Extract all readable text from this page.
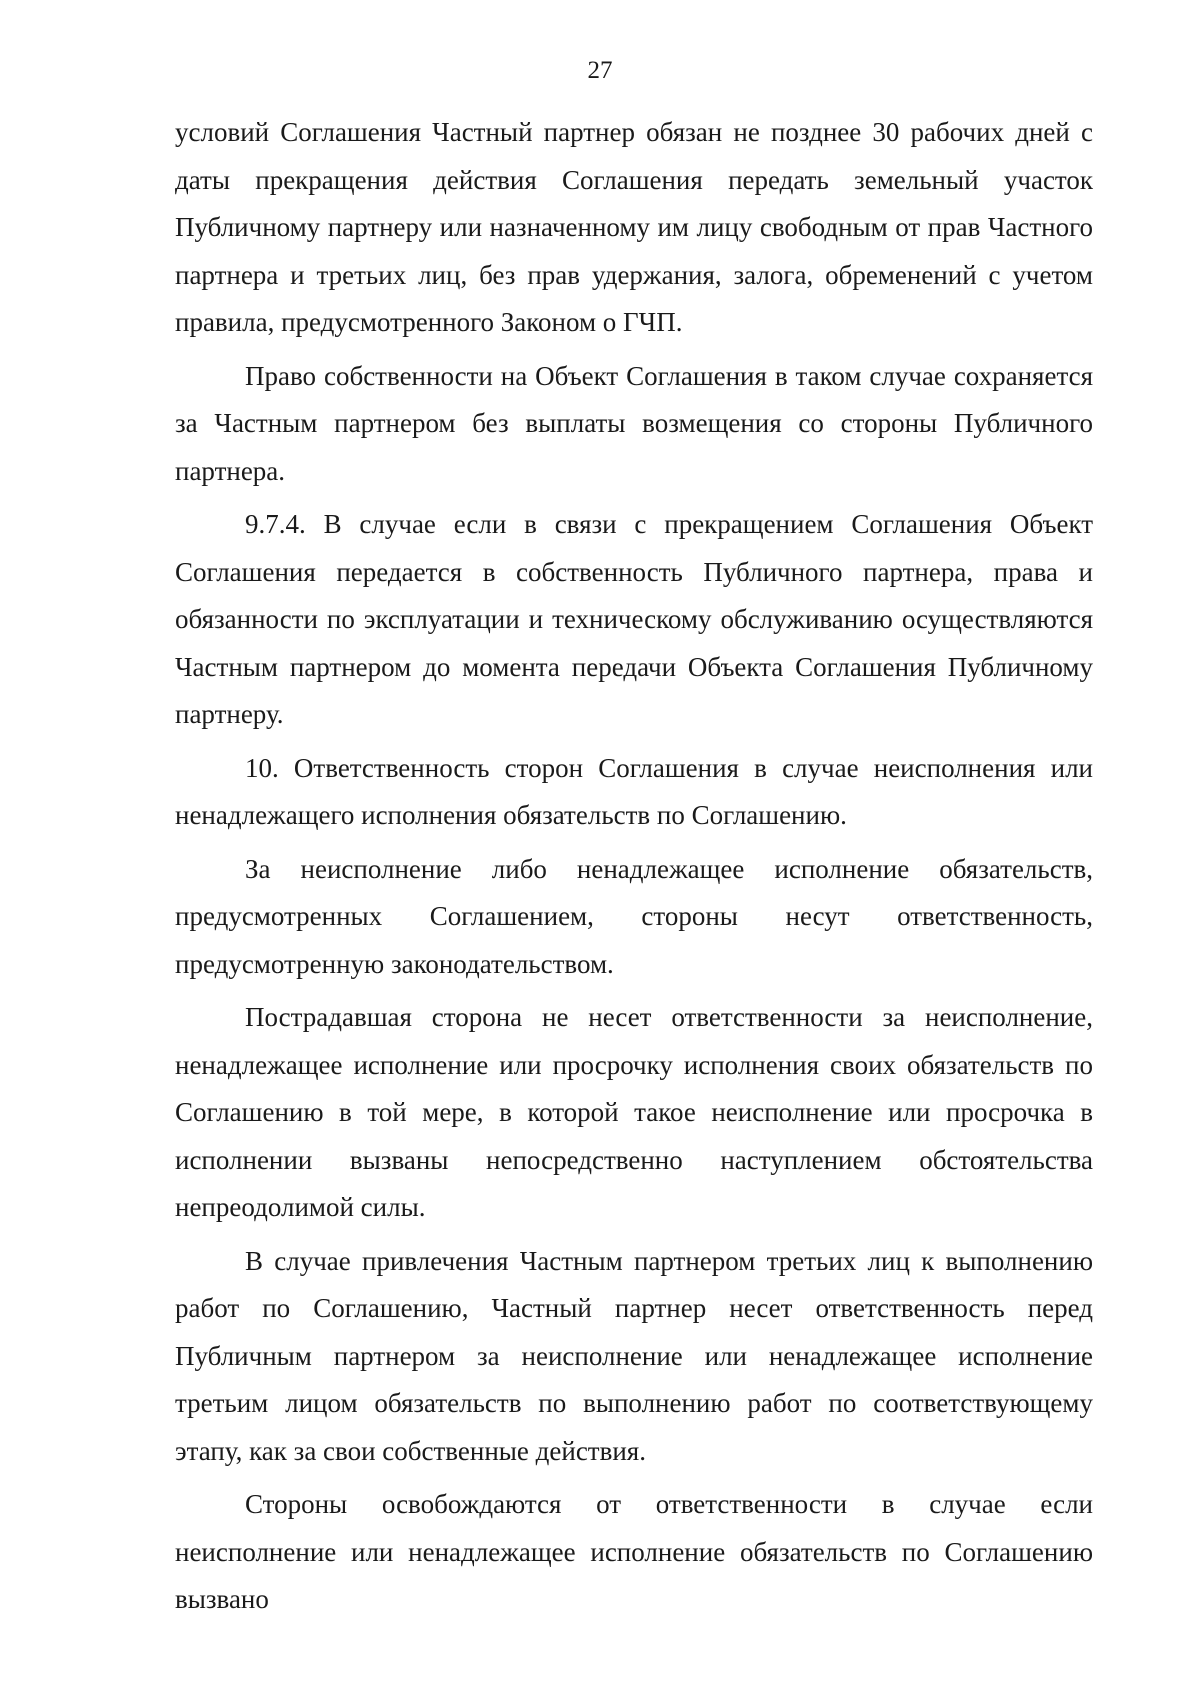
27

условий Соглашения Частный партнер обязан не позднее 30 рабочих дней с даты прекращения действия Соглашения передать земельный участок Публичному партнеру или назначенному им лицу свободным от прав Частного партнера и третьих лиц, без прав удержания, залога, обременений с учетом правила, предусмотренного Законом о ГЧП.

Право собственности на Объект Соглашения в таком случае сохраняется за Частным партнером без выплаты возмещения со стороны Публичного партнера.

9.7.4. В случае если в связи с прекращением Соглашения Объект Соглашения передается в собственность Публичного партнера, права и обязанности по эксплуатации и техническому обслуживанию осуществляются Частным партнером до момента передачи Объекта Соглашения Публичному партнеру.

10. Ответственность сторон Соглашения в случае неисполнения или ненадлежащего исполнения обязательств по Соглашению.

За неисполнение либо ненадлежащее исполнение обязательств, предусмотренных Соглашением, стороны несут ответственность, предусмотренную законодательством.

Пострадавшая сторона не несет ответственности за неисполнение, ненадлежащее исполнение или просрочку исполнения своих обязательств по Соглашению в той мере, в которой такое неисполнение или просрочка в исполнении вызваны непосредственно наступлением обстоятельства непреодолимой силы.

В случае привлечения Частным партнером третьих лиц к выполнению работ по Соглашению, Частный партнер несет ответственность перед Публичным партнером за неисполнение или ненадлежащее исполнение третьим лицом обязательств по выполнению работ по соответствующему этапу, как за свои собственные действия.

Стороны освобождаются от ответственности в случае если неисполнение или ненадлежащее исполнение обязательств по Соглашению вызвано
